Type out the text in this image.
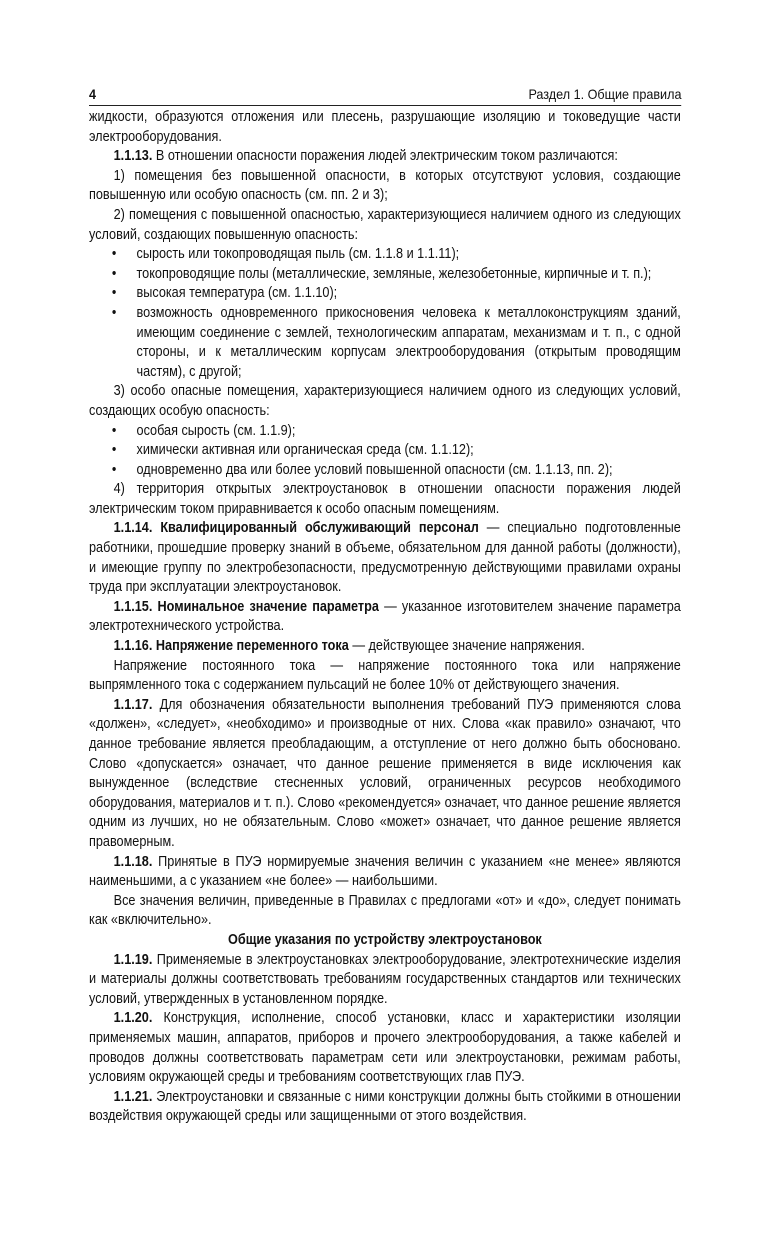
4	Раздел 1. Общие правила

жидкости, образуются отложения или плесень, разрушающие изоляцию и токоведущие части электрооборудования.

1.1.13. В отношении опасности поражения людей электрическим током различаются:

1) помещения без повышенной опасности, в которых отсутствуют условия, создающие повышенную или особую опасность (см. пп. 2 и 3);

2) помещения с повышенной опасностью, характеризующиеся наличием одного из следующих условий, создающих повышенную опасность:

• сырость или токопроводящая пыль (см. 1.1.8 и 1.1.11);

• токопроводящие полы (металлические, земляные, железобетонные, кирпичные и т. п.);

• высокая температура (см. 1.1.10);

• возможность одновременного прикосновения человека к металлоконструкциям зданий, имеющим соединение с землей, технологическим аппаратам, механизмам и т. п., с одной стороны, и к металлическим корпусам электрооборудования (открытым проводящим частям), с другой;

3) особо опасные помещения, характеризующиеся наличием одного из следующих условий, создающих особую опасность:

• особая сырость (см. 1.1.9);

• химически активная или органическая среда (см. 1.1.12);

• одновременно два или более условий повышенной опасности (см. 1.1.13, пп. 2);

4) территория открытых электроустановок в отношении опасности поражения людей электрическим током приравнивается к особо опасным помещениям.

1.1.14. Квалифицированный обслуживающий персонал — специально подготовленные работники, прошедшие проверку знаний в объеме, обязательном для данной работы (должности), и имеющие группу по электробезопасности, предусмотренную действующими правилами охраны труда при эксплуатации электроустановок.

1.1.15. Номинальное значение параметра — указанное изготовителем значение параметра электротехнического устройства.

1.1.16. Напряжение переменного тока — действующее значение напряжения.

Напряжение постоянного тока — напряжение постоянного тока или напряжение выпрямленного тока с содержанием пульсаций не более 10% от действующего значения.

1.1.17. Для обозначения обязательности выполнения требований ПУЭ применяются слова «должен», «следует», «необходимо» и производные от них. Слова «как правило» означают, что данное требование является преобладающим, а отступление от него должно быть обосновано. Слово «допускается» означает, что данное решение применяется в виде исключения как вынужденное (вследствие стесненных условий, ограниченных ресурсов необходимого оборудования, материалов и т. п.). Слово «рекомендуется» означает, что данное решение является одним из лучших, но не обязательным. Слово «может» означает, что данное решение является правомерным.

1.1.18. Принятые в ПУЭ нормируемые значения величин с указанием «не менее» являются наименьшими, а с указанием «не более» — наибольшими.

Все значения величин, приведенные в Правилах с предлогами «от» и «до», следует понимать как «включительно».

Общие указания по устройству электроустановок

1.1.19. Применяемые в электроустановках электрооборудование, электротехнические изделия и материалы должны соответствовать требованиям государственных стандартов или технических условий, утвержденных в установленном порядке.

1.1.20. Конструкция, исполнение, способ установки, класс и характеристики изоляции применяемых машин, аппаратов, приборов и прочего электрооборудования, а также кабелей и проводов должны соответствовать параметрам сети или электроустановки, режимам работы, условиям окружающей среды и требованиям соответствующих глав ПУЭ.

1.1.21. Электроустановки и связанные с ними конструкции должны быть стойкими в отношении воздействия окружающей среды или защищенными от этого воздействия.
